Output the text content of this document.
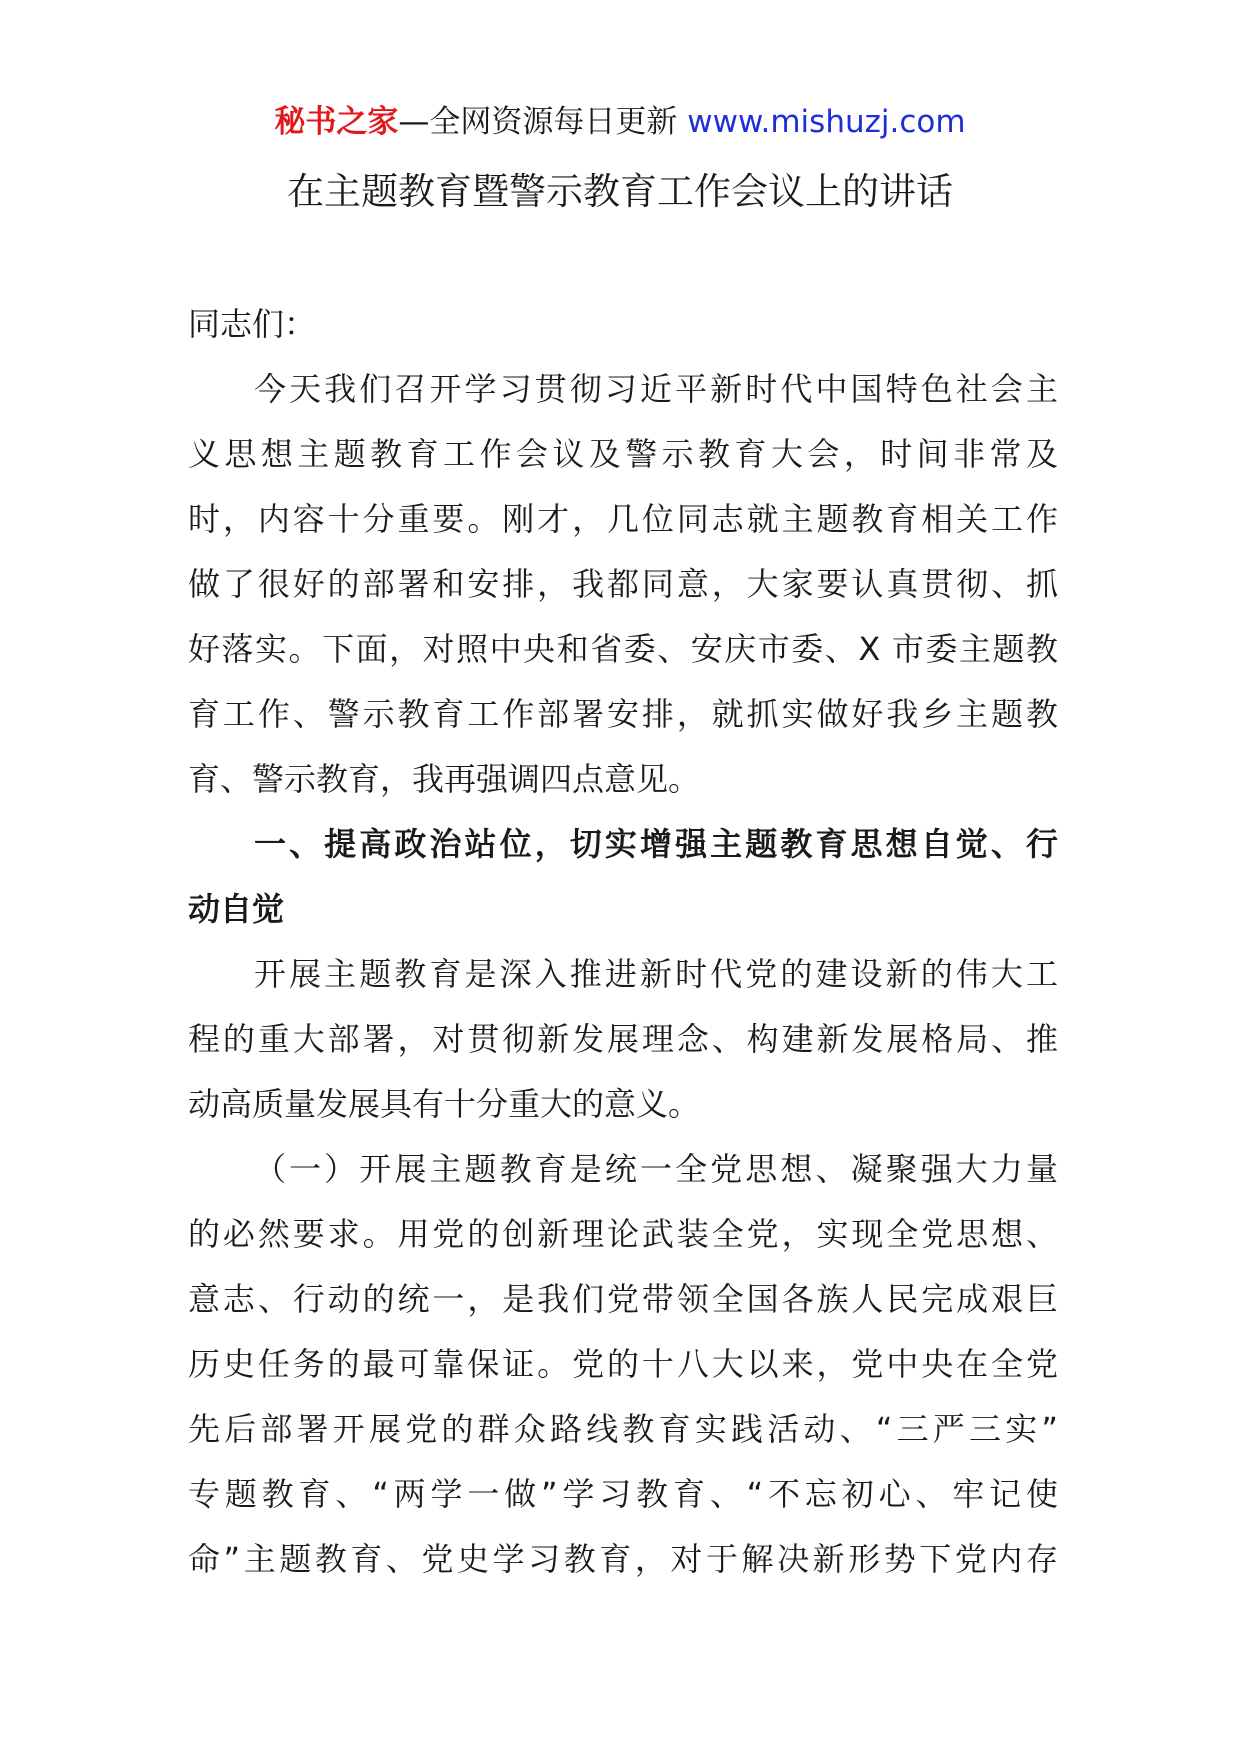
秘书之家—全网资源每日更新 www.mishuzj.com
在主题教育暨警示教育工作会议上的讲话
同志们：
今天我们召开学习贯彻习近平新时代中国特色社会主
义思想主题教育工作会议及警示教育大会，时间非常及
时，内容十分重要。刚才，几位同志就主题教育相关工作
做了很好的部署和安排，我都同意，大家要认真贯彻、抓
好落实。下面，对照中央和省委、安庆市委、X 市委主题教
育工作、警示教育工作部署安排，就抓实做好我乡主题教
育、警示教育，我再强调四点意见。
一、提高政治站位，切实增强主题教育思想自觉、行
动自觉
开展主题教育是深入推进新时代党的建设新的伟大工
程的重大部署，对贯彻新发展理念、构建新发展格局、推
动高质量发展具有十分重大的意义。
（一）开展主题教育是统一全党思想、凝聚强大力量
的必然要求。用党的创新理论武装全党，实现全党思想、
意志、行动的统一，是我们党带领全国各族人民完成艰巨
历史任务的最可靠保证。党的十八大以来，党中央在全党
先后部署开展党的群众路线教育实践活动、“三严三实”
专题教育、“两学一做”学习教育、“不忘初心、牢记使
命”主题教育、党史学习教育，对于解决新形势下党内存
